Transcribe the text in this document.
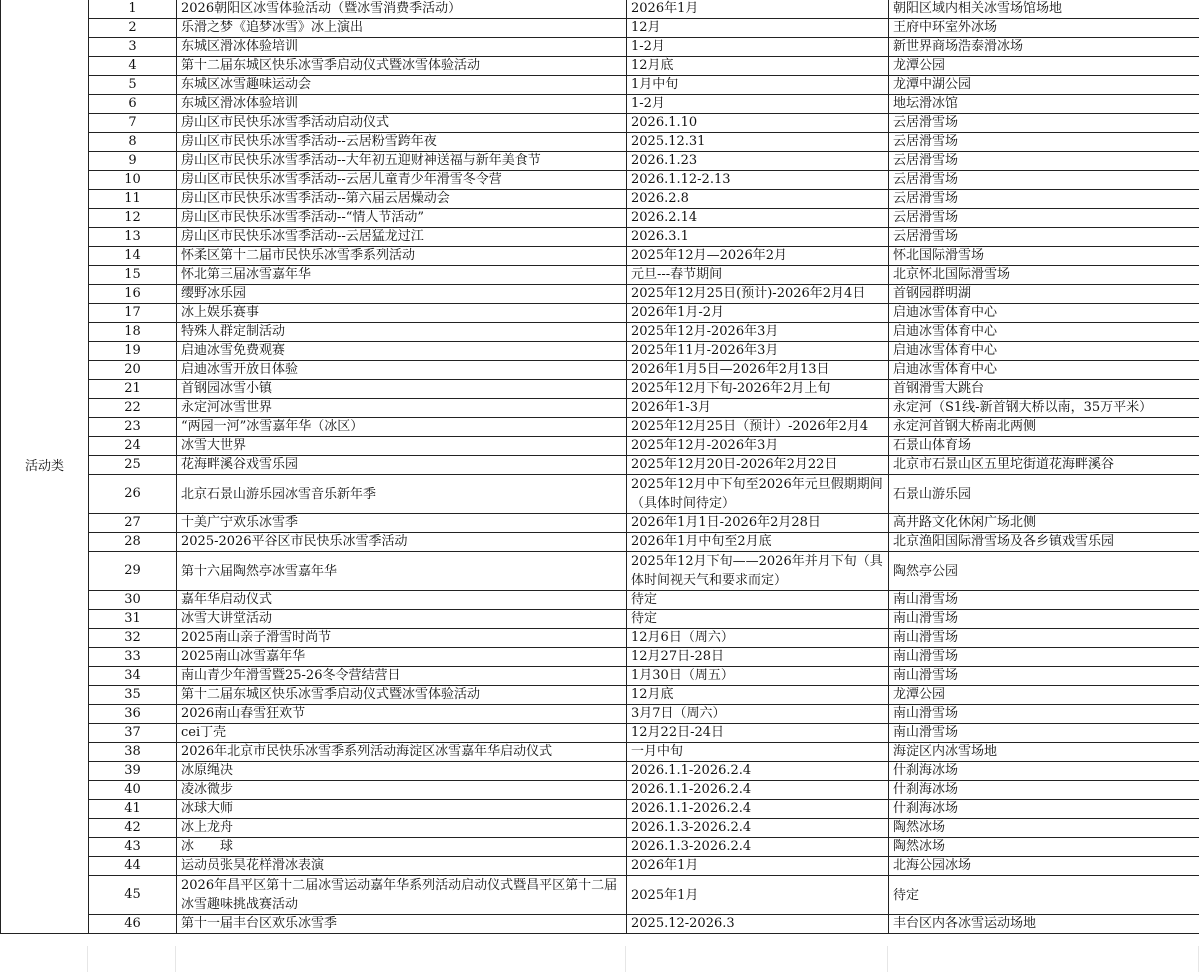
活动类	1	2026朝阳区冰雪体验活动（暨冰雪消费季活动）	2026年1月	朝阳区域内相关冰雪场馆场地
	2	乐滑之梦《追梦冰雪》冰上演出	12月	王府中环室外冰场
	3	东城区滑冰体验培训	1-2月	新世界商场浩泰滑冰场
	4	第十二届东城区快乐冰雪季启动仪式暨冰雪体验活动	12月底	龙潭公园
	5	东城区冰雪趣味运动会	1月中旬	龙潭中湖公园
	6	东城区滑冰体验培训	1-2月	地坛滑冰馆
	7	房山区市民快乐冰雪季活动启动仪式	2026.1.10	云居滑雪场
	8	房山区市民快乐冰雪季活动--云居粉雪跨年夜	2025.12.31	云居滑雪场
	9	房山区市民快乐冰雪季活动--大年初五迎财神送福与新年美食节	2026.1.23	云居滑雪场
	10	房山区市民快乐冰雪季活动--云居儿童青少年滑雪冬令营	2026.1.12-2.13	云居滑雪场
	11	房山区市民快乐冰雪季活动--第六届云居燥动会	2026.2.8	云居滑雪场
	12	房山区市民快乐冰雪季活动--“情人节活动”	2026.2.14	云居滑雪场
	13	房山区市民快乐冰雪季活动--云居猛龙过江	2026.3.1	云居滑雪场
	14	怀柔区第十二届市民快乐冰雪季系列活动	2025年12月—2026年2月	怀北国际滑雪场
	15	怀北第三届冰雪嘉年华	元旦---春节期间	北京怀北国际滑雪场
	16	缨野冰乐园	2025年12月25日(预计)-2026年2月4日	首钢园群明湖
	17	冰上娱乐赛事	2026年1月-2月	启迪冰雪体育中心
	18	特殊人群定制活动	2025年12月-2026年3月	启迪冰雪体育中心
	19	启迪冰雪免费观赛	2025年11月-2026年3月	启迪冰雪体育中心
	20	启迪冰雪开放日体验	2026年1月5日—2026年2月13日	启迪冰雪体育中心
	21	首钢园冰雪小镇	2025年12月下旬-2026年2月上旬	首钢滑雪大跳台
	22	永定河冰雪世界	2026年1-3月	永定河（S1线-新首钢大桥以南，35万平米）
	23	“两园一河”冰雪嘉年华（冰区）	2025年12月25日（预计）-2026年2月4	永定河首钢大桥南北两侧
	24	冰雪大世界	2025年12月-2026年3月	石景山体育场
	25	花海畔溪谷戏雪乐园	2025年12月20日-2026年2月22日	北京市石景山区五里坨街道花海畔溪谷
	26	北京石景山游乐园冰雪音乐新年季	2025年12月中下旬至2026年元旦假期期间（具体时间待定）	石景山游乐园
	27	十美广宁欢乐冰雪季	2026年1月1日-2026年2月28日	高井路文化休闲广场北侧
	28	2025-2026平谷区市民快乐冰雪季活动	2026年1月中旬至2月底	北京渔阳国际滑雪场及各乡镇戏雪乐园
	29	第十六届陶然亭冰雪嘉年华	2025年12月下旬——2026年并月下旬（具体时间视天气和要求而定）	陶然亭公园
	30	嘉年华启动仪式	待定	南山滑雪场
	31	冰雪大讲堂活动	待定	南山滑雪场
	32	2025南山亲子滑雪时尚节	12月6日（周六）	南山滑雪场
	33	2025南山冰雪嘉年华	12月27日-28日	南山滑雪场
	34	南山青少年滑雪暨25-26冬令营结营日	1月30日（周五）	南山滑雪场
	35	第十二届东城区快乐冰雪季启动仪式暨冰雪体验活动	12月底	龙潭公园
	36	2026南山春雪狂欢节	3月7日（周六）	南山滑雪场
	37	cei丁壳	12月22日-24日	南山滑雪场
	38	2026年北京市民快乐冰雪季系列活动海淀区冰雪嘉年华启动仪式	一月中旬	海淀区内冰雪场地
	39	冰原绳决	2026.1.1-2026.2.4	什刹海冰场
	40	凌冰微步	2026.1.1-2026.2.4	什刹海冰场
	41	冰球大师	2026.1.1-2026.2.4	什刹海冰场
	42	冰上龙舟	2026.1.3-2026.2.4	陶然冰场
	43	冰　　球	2026.1.3-2026.2.4	陶然冰场
	44	运动员张昊花样滑冰表演	2026年1月	北海公园冰场
	45	2026年昌平区第十二届冰雪运动嘉年华系列活动启动仪式暨昌平区第十二届冰雪趣味挑战赛活动	2025年1月	待定
	46	第十一届丰台区欢乐冰雪季	2025.12-2026.3	丰台区内各冰雪运动场地
